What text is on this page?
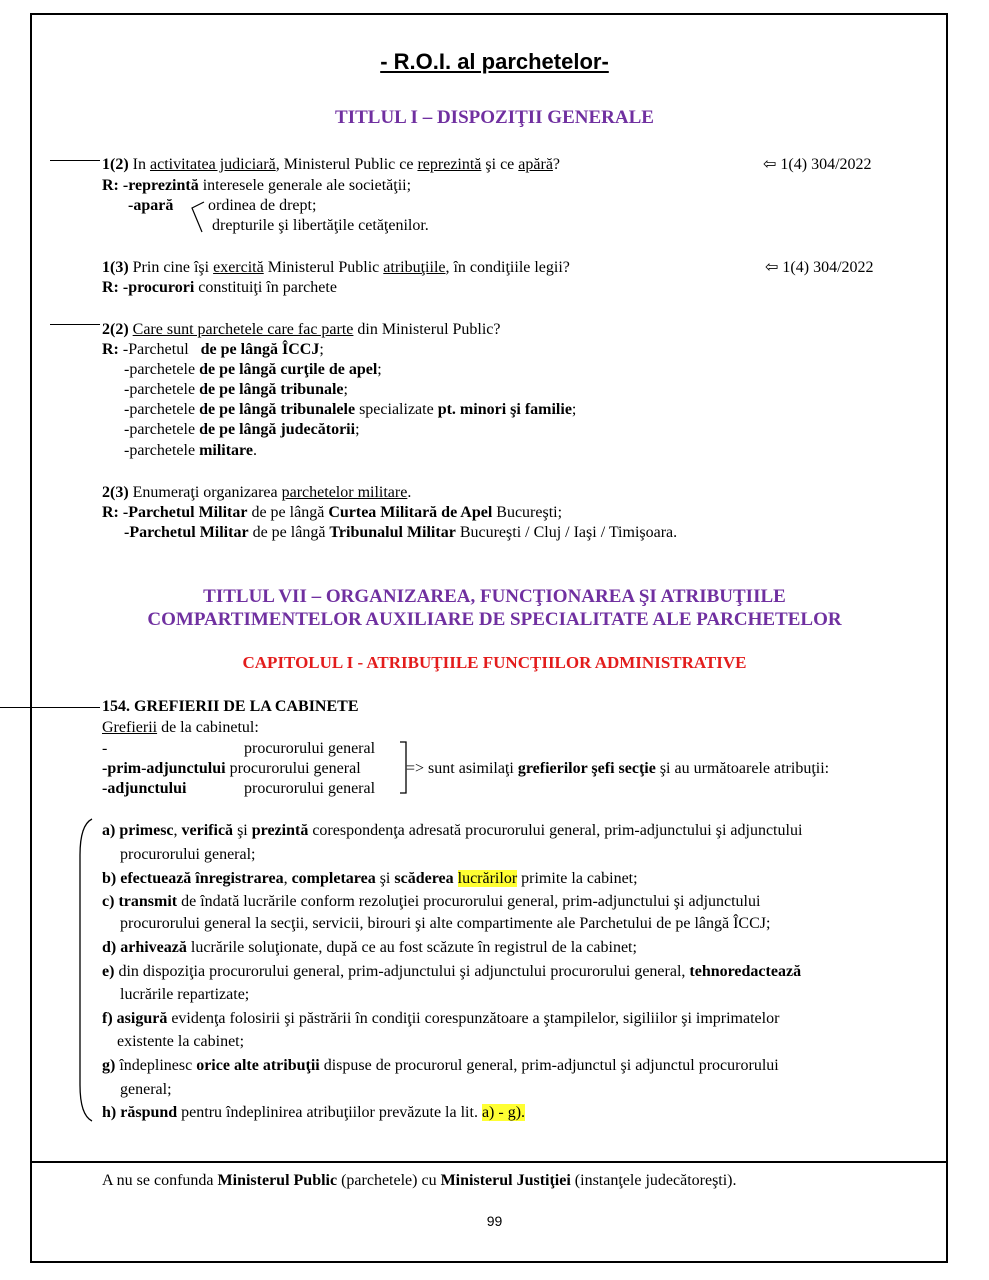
- R.O.I. al parchetelor-
TITLUL I – DISPOZIŢII GENERALE
1(2) In activitatea judiciară, Ministerul Public ce reprezintă şi ce apără?	⇦ 1(4) 304/2022
R: -reprezintă interesele generale ale societăţii;
-apară ordinea de drept;
drepturile şi libertăţile cetăţenilor.
1(3) Prin cine îşi exercită Ministerul Public atribuţiile, în condiţiile legii?	⇦ 1(4) 304/2022
R: -procurori constituiţi în parchete
2(2) Care sunt parchetele care fac parte din Ministerul Public?
R: -Parchetul   de pe lângă ÎCCJ;
-parchetele de pe lângă curţile de apel;
-parchetele de pe lângă tribunale;
-parchetele de pe lângă tribunalele specializate pt. minori şi familie;
-parchetele de pe lângă judecătorii;
-parchetele militare.
2(3) Enumeraţi organizarea parchetelor militare.
R: -Parchetul Militar de pe lângă Curtea Militară de Apel Bucureşti;
-Parchetul Militar de pe lângă Tribunalul Militar Bucureşti / Cluj / Iaşi / Timişoara.
TITLUL VII – ORGANIZAREA, FUNCŢIONAREA ŞI ATRIBUŢIILE
COMPARTIMENTELOR AUXILIARE DE SPECIALITATE ALE PARCHETELOR
CAPITOLUL I - ATRIBUŢIILE FUNCŢIILOR ADMINISTRATIVE
154. GREFIERII DE LA CABINETE
Grefierii de la cabinetul:
-	procurorului general
-prim-adjunctului procurorului general
-adjunctului	procurorului general
=> sunt asimilaţi grefierilor şefi secţie şi au următoarele atribuţii:
a) primesc, verifică şi prezintă corespondenţa adresată procurorului general, prim-adjunctului şi adjunctului
procurorului general;
b) efectuează înregistrarea, completarea şi scăderea lucrărilor primite la cabinet;
c) transmit de îndată lucrările conform rezoluţiei procurorului general, prim-adjunctului şi adjunctului
procurorului general la secţii, servicii, birouri şi alte compartimente ale Parchetului de pe lângă ÎCCJ;
d) arhivează lucrările soluţionate, după ce au fost scăzute în registrul de la cabinet;
e) din dispoziţia procurorului general, prim-adjunctului şi adjunctului procurorului general, tehnoredactează
lucrările repartizate;
f) asigură evidenţa folosirii şi păstrării în condiţii corespunzătoare a ştampilelor, sigiliilor şi imprimatelor
existente la cabinet;
g) îndeplinesc orice alte atribuţii dispuse de procurorul general, prim-adjunctul şi adjunctul procurorului
general;
h) răspund pentru îndeplinirea atribuţiilor prevăzute la lit. a) - g).
A nu se confunda Ministerul Public (parchetele) cu Ministerul Justiţiei (instanţele judecătoreşti).
99
